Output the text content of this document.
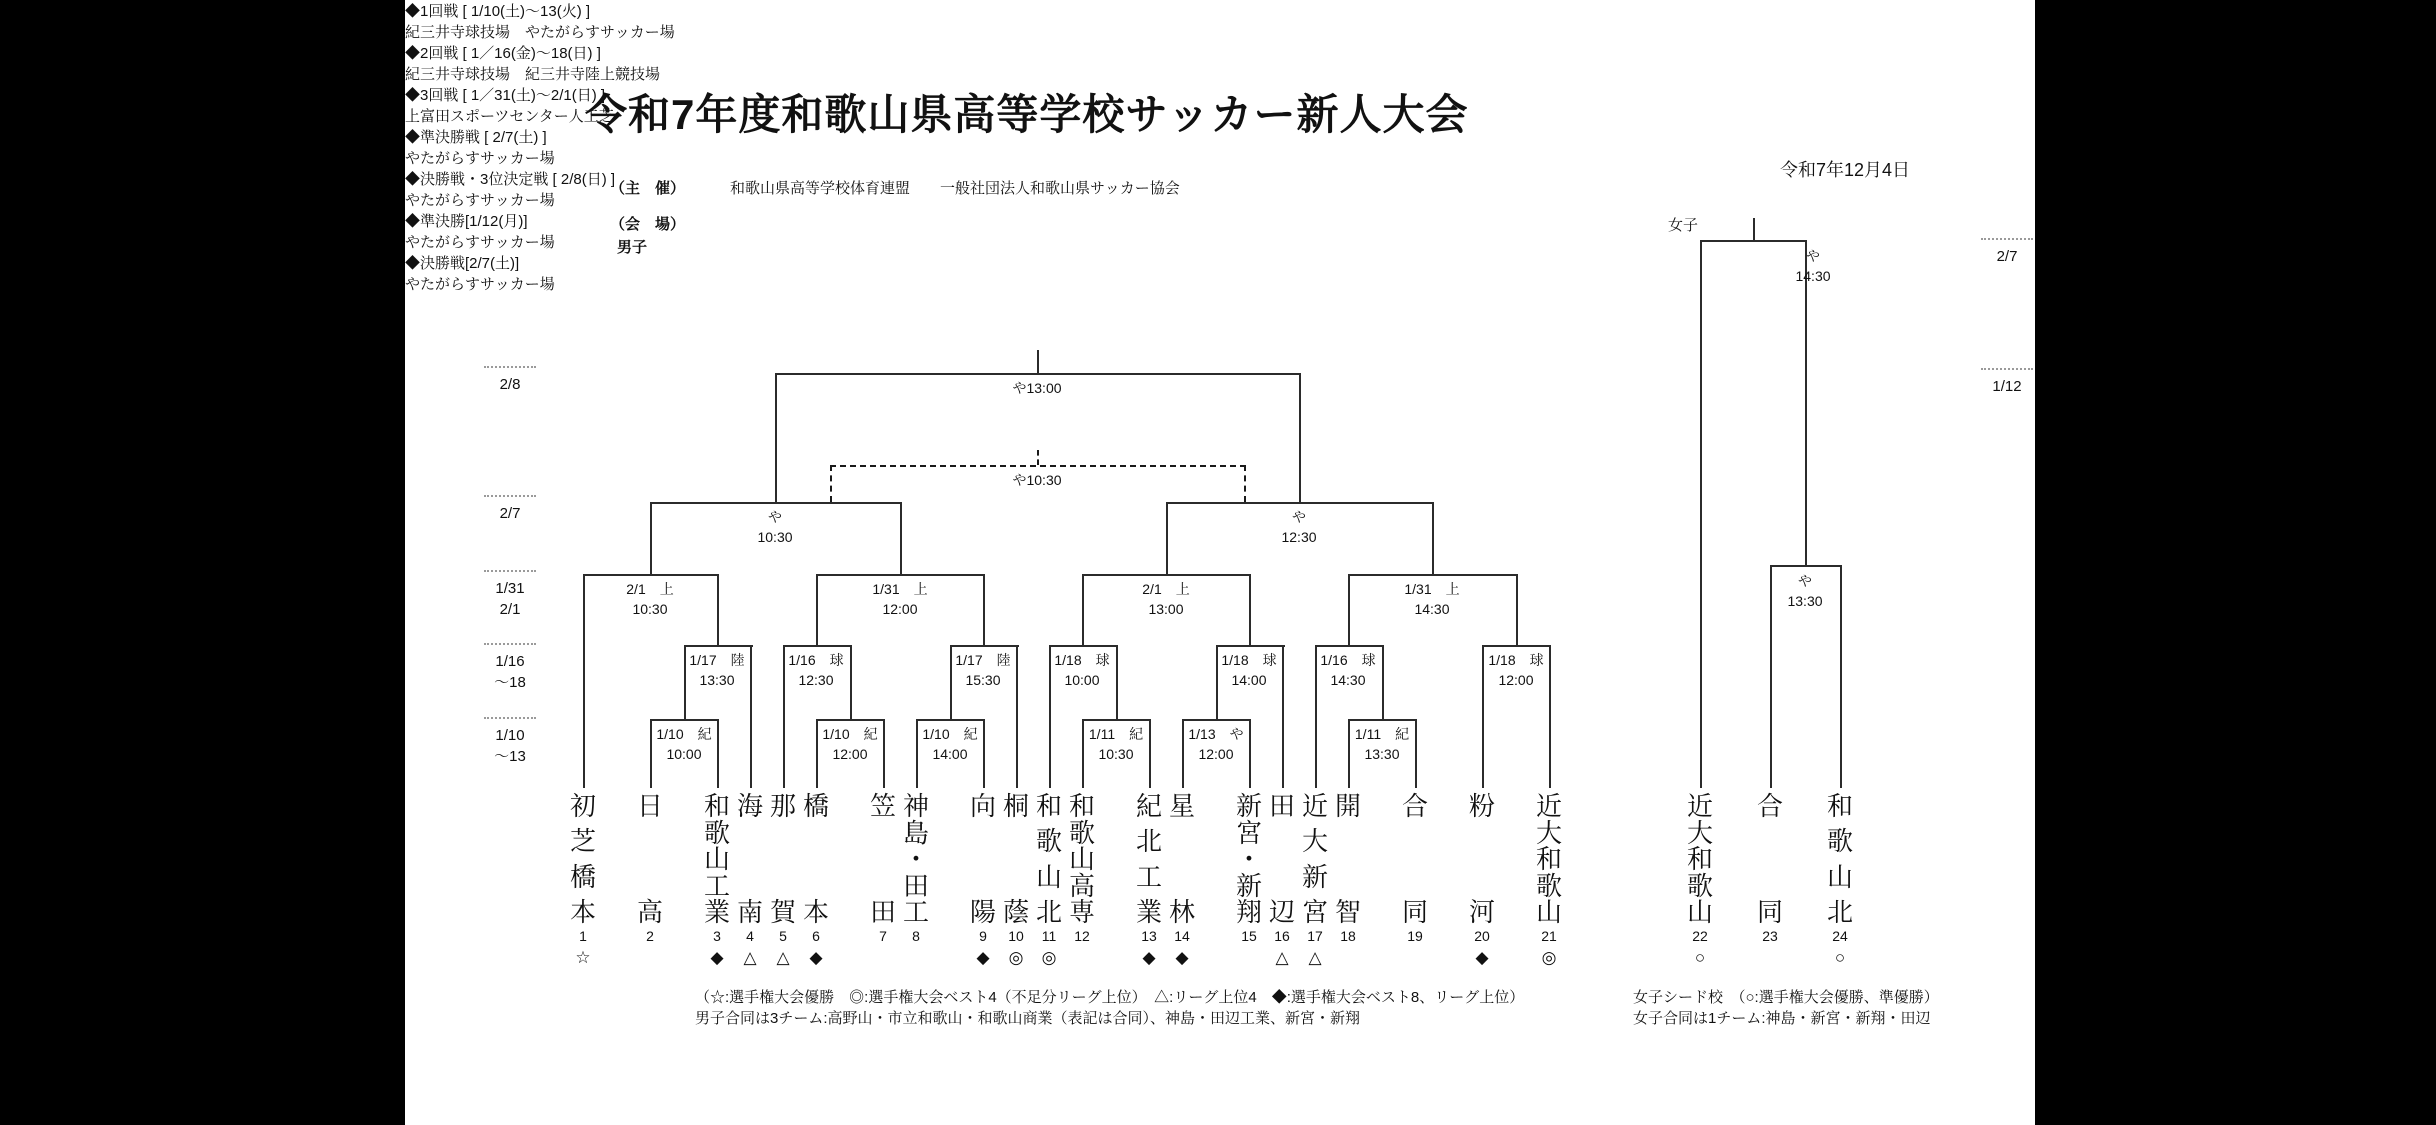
令和7年度和歌山県高等学校サッカー新人大会
令和7年12月4日
（主　催）	和歌山県高等学校体育連盟　　一般社団法人和歌山県サッカー協会
（会　場）
男子
女子
（☆:選手権大会優勝　◎:選手権大会ベスト4（不足分リーグ上位）　△:リーグ上位4　◆:選手権大会ベスト8、リーグ上位）
男子合同は3チーム:高野山・市立和歌山・和歌山商業（表記は合同）、神島・田辺工業、新宮・新翔
女子シード校　（○:選手権大会優勝、準優勝）
女子合同は1チーム:神島・新宮・新翔・田辺
◆1回戦 [ 1/10(土)～13(火) ]
紀三井寺球技場　やたがらすサッカー場
◆2回戦 [ 1／16(金)～18(日) ]
紀三井寺球技場　紀三井寺陸上競技場
◆3回戦 [ 1／31(土)～2/1(日) ]
上富田スポーツセンター人工芝
◆準決勝戦 [ 2/7(土) ]
やたがらすサッカー場
◆決勝戦・3位決定戦 [ 2/8(日) ]
やたがらすサッカー場
◆準決勝[1/12(月)]
やたがらすサッカー場
◆決勝戦[2/7(土)]
やたがらすサッカー場
2/8
2/7
1/31
2/1
1/16
～18
1/10
～13
2/7
1/12
1/10　紀
10:00
1/10　紀
12:00
1/10　紀
14:00
1/11　紀
10:30
1/13　や
12:00
1/11　紀
13:30
1/17　陸
13:30
1/16　球
12:30
1/17　陸
15:30
1/18　球
10:00
1/18　球
14:00
1/16　球
14:30
1/18　球
12:00
2/1　上
10:30
1/31　上
12:00
2/1　上
13:00
1/31　上
14:30
や
10:30
や
12:30
や13:00
や10:30
や
13:30
や
14:30
初
芝
橋
本
1
☆
日
高
2
和
歌
山
工
業
3
◆
海
南
4
△
那
賀
5
△
橋
本
6
◆
笠
田
7
神
島
・
田
工
8
向
陽
9
◆
桐
蔭
10
◎
和
歌
山
北
11
◎
和
歌
山
高
専
12
紀
北
工
業
13
◆
星
林
14
◆
新
宮
・
新
翔
15
田
辺
16
△
近
大
新
宮
17
△
開
智
18
合
同
19
粉
河
20
◆
近
大
和
歌
山
21
◎
近
大
和
歌
山
22
○
合
同
23
和
歌
山
北
24
○
